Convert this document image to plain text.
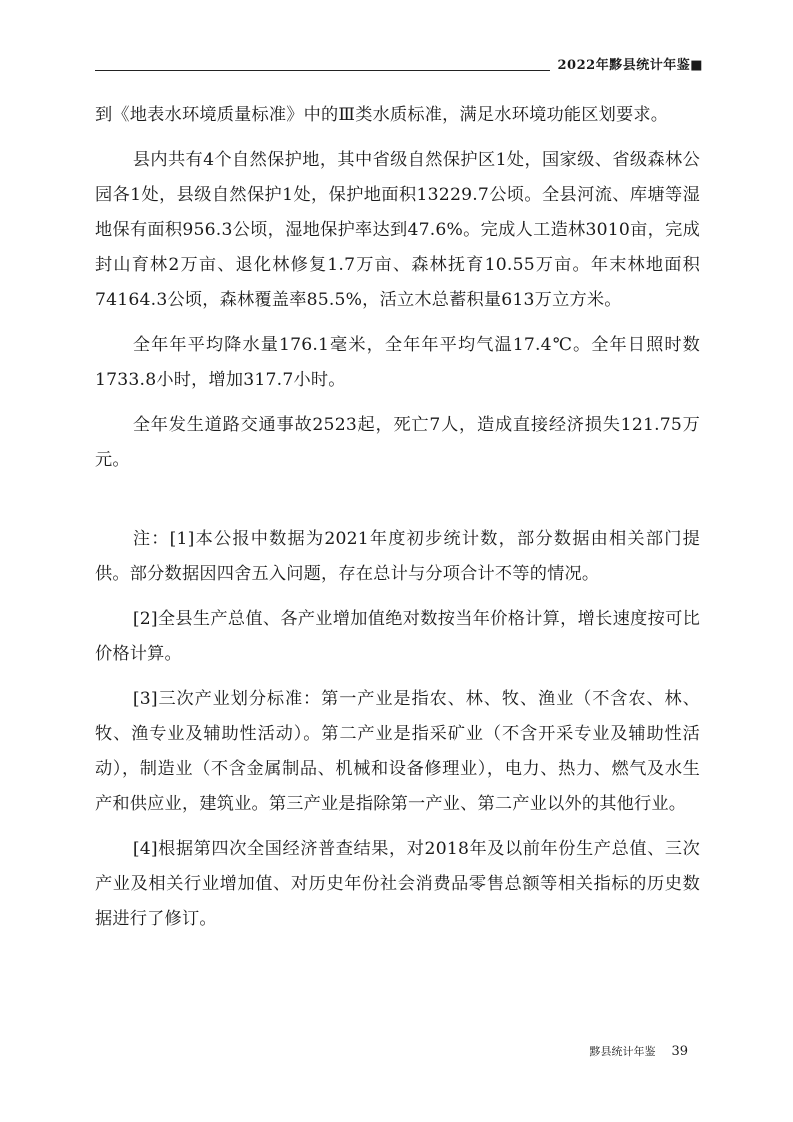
2022年黟县统计年鉴■

到《地表水环境质量标准》中的Ⅲ类水质标准，满足水环境功能区划要求。

县内共有4个自然保护地，其中省级自然保护区1处，国家级、省级森林公园各1处，县级自然保护1处，保护地面积13229.7公顷。全县河流、库塘等湿地保有面积956.3公顷，湿地保护率达到47.6%。完成人工造林3010亩，完成封山育林2万亩、退化林修复1.7万亩、森林抚育10.55万亩。年末林地面积74164.3公顷，森林覆盖率85.5%，活立木总蓄积量613万立方米。

全年年平均降水量176.1毫米，全年年平均气温17.4℃。全年日照时数1733.8小时，增加317.7小时。

全年发生道路交通事故2523起，死亡7人，造成直接经济损失121.75万元。

注：[1]本公报中数据为2021年度初步统计数，部分数据由相关部门提供。部分数据因四舍五入问题，存在总计与分项合计不等的情况。

[2]全县生产总值、各产业增加值绝对数按当年价格计算，增长速度按可比价格计算。

[3]三次产业划分标准：第一产业是指农、林、牧、渔业（不含农、林、牧、渔专业及辅助性活动）。第二产业是指采矿业（不含开采专业及辅助性活动），制造业（不含金属制品、机械和设备修理业），电力、热力、燃气及水生产和供应业，建筑业。第三产业是指除第一产业、第二产业以外的其他行业。

[4]根据第四次全国经济普查结果，对2018年及以前年份生产总值、三次产业及相关行业增加值、对历史年份社会消费品零售总额等相关指标的历史数据进行了修订。

黟县统计年鉴 39
